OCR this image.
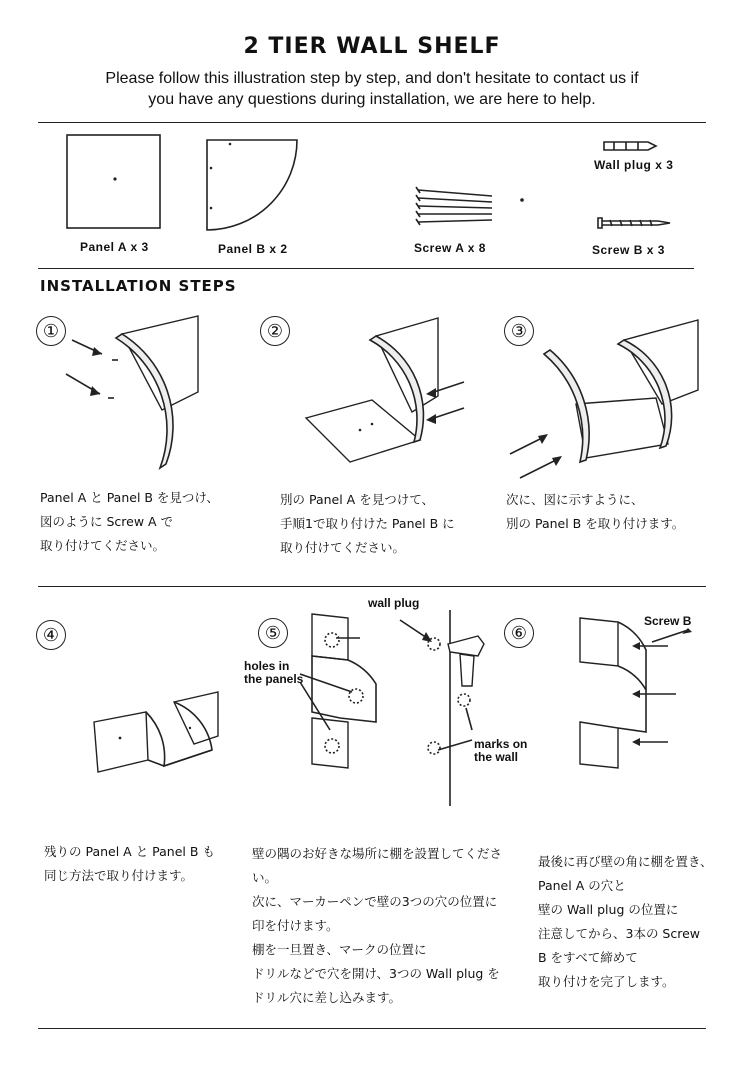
2 TIER WALL SHELF
Please follow this illustration step by step, and don't hesitate to contact us if
you have any questions during installation, we are here to help.
Panel A x 3	Panel B x 2	Screw A x 8
Wall plug x 3
Screw B x 3
INSTALLATION STEPS
①
Panel A と Panel B を見つけ、
図のように Screw A で
取り付けてください。
②
別の Panel A を見つけて、
手順1で取り付けた Panel B に
取り付けてください。
③
次に、図に示すように、
別の Panel B を取り付けます。
④
残りの Panel A と Panel B も
同じ方法で取り付けます。
⑤
wall plug
holes in
the panels
marks on
the wall
壁の隅のお好きな場所に棚を設置してくださ
い。
次に、マーカーペンで壁の3つの穴の位置に
印を付けます。
棚を一旦置き、マークの位置に
ドリルなどで穴を開け、3つの Wall plug を
ドリル穴に差し込みます。
⑥
Screw B
最後に再び壁の角に棚を置き、
Panel A の穴と
壁の Wall plug の位置に
注意してから、3本の Screw
B をすべて締めて
取り付けを完了します。
